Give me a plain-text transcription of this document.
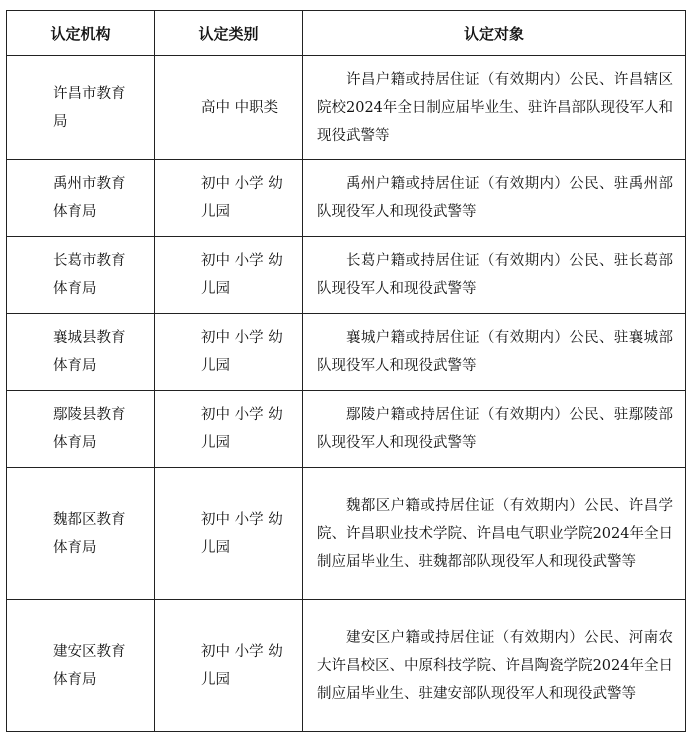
认定机构	认定类别	认定对象
许昌市教育局	高中 中职类	许昌户籍或持居住证（有效期内）公民、许昌辖区院校2024年全日制应届毕业生、驻许昌部队现役军人和现役武警等
禹州市教育体育局	初中 小学 幼儿园	禹州户籍或持居住证（有效期内）公民、驻禹州部队现役军人和现役武警等
长葛市教育体育局	初中 小学 幼儿园	长葛户籍或持居住证（有效期内）公民、驻长葛部队现役军人和现役武警等
襄城县教育体育局	初中 小学 幼儿园	襄城户籍或持居住证（有效期内）公民、驻襄城部队现役军人和现役武警等
鄢陵县教育体育局	初中 小学 幼儿园	鄢陵户籍或持居住证（有效期内）公民、驻鄢陵部队现役军人和现役武警等
魏都区教育体育局	初中 小学 幼儿园	魏都区户籍或持居住证（有效期内）公民、许昌学院、许昌职业技术学院、许昌电气职业学院2024年全日制应届毕业生、驻魏都部队现役军人和现役武警等
建安区教育体育局	初中 小学 幼儿园	建安区户籍或持居住证（有效期内）公民、河南农大许昌校区、中原科技学院、许昌陶瓷学院2024年全日制应届毕业生、驻建安部队现役军人和现役武警等
